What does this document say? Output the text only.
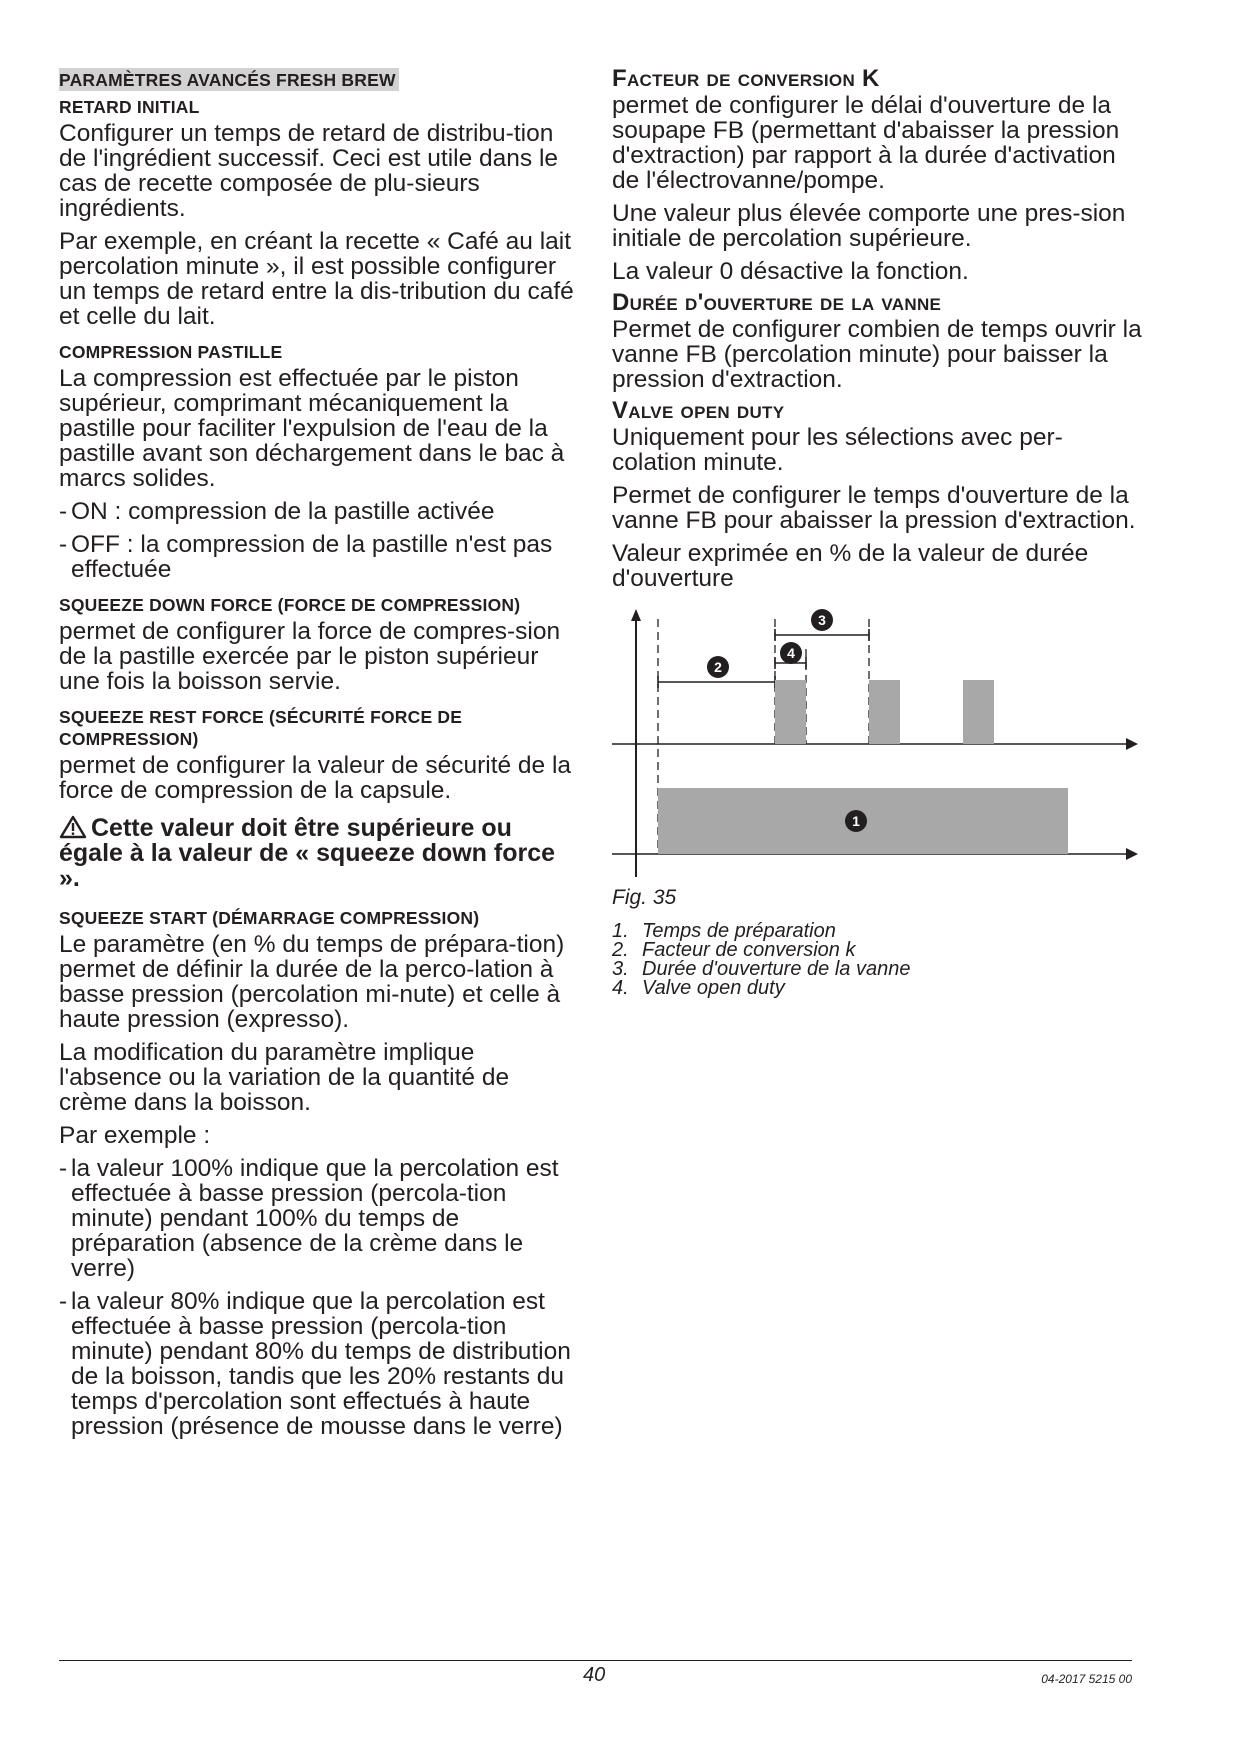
PARAMÈTRES AVANCÉS FRESH BREW
RETARD INITIAL

Configurer un temps de retard de distribu-tion de l'ingrédient successif. Ceci est utile dans le cas de recette composée de plu-sieurs ingrédients.

Par exemple, en créant la recette « Café au lait percolation minute », il est possible configurer un temps de retard entre la dis-tribution du café et celle du lait.

COMPRESSION PASTILLE

La compression est effectuée par le piston supérieur, comprimant mécaniquement la pastille pour faciliter l'expulsion de l'eau de la pastille avant son déchargement dans le bac à marcs solides.

- ON : compression de la pastille activée

- OFF : la compression de la pastille n'est pas effectuée

SQUEEZE DOWN FORCE (FORCE DE COMPRESSION)

permet de configurer la force de compres-sion de la pastille exercée par le piston supérieur une fois la boisson servie.

SQUEEZE REST FORCE (SÉCURITÉ FORCE DE COMPRESSION)

permet de configurer la valeur de sécurité de la force de compression de la capsule.

Cette valeur doit être supérieure ou égale à la valeur de « squeeze down force ».
SQUEEZE START (DÉMARRAGE COMPRESSION)

Le paramètre (en % du temps de prépara-tion) permet de définir la durée de la perco-lation à basse pression (percolation mi-nute) et celle à haute pression (expresso).

La modification du paramètre implique l'absence ou la variation de la quantité de crème dans la boisson.

Par exemple :

- la valeur 100% indique que la percolation est effectuée à basse pression (percola-tion minute) pendant 100% du temps de préparation (absence de la crème dans le verre)

- la valeur 80% indique que la percolation est effectuée à basse pression (percola-tion minute) pendant 80% du temps de distribution de la boisson, tandis que les 20% restants du temps d'percolation sont effectués à haute pression (présence de mousse dans le verre)

Facteur de conversion K

permet de configurer le délai d'ouverture de la soupape FB (permettant d'abaisser la pression d'extraction) par rapport à la durée d'activation de l'électrovanne/pompe.

Une valeur plus élevée comporte une pres-sion initiale de percolation supérieure.

La valeur 0 désactive la fonction.

Durée d'ouverture de la vanne

Permet de configurer combien de temps ouvrir la vanne FB (percolation minute) pour baisser la pression d'extraction.

Valve open duty

Uniquement pour les sélections avec per-colation minute.

Permet de configurer le temps d'ouverture de la vanne FB pour abaisser la pression d'extraction.

Valeur exprimée en % de la valeur de durée d'ouverture

1
2
3
4
Fig. 35
1. Temps de préparation
2. Facteur de conversion k
3. Durée d'ouverture de la vanne
4. Valve open duty
40	04-2017 5215 00
